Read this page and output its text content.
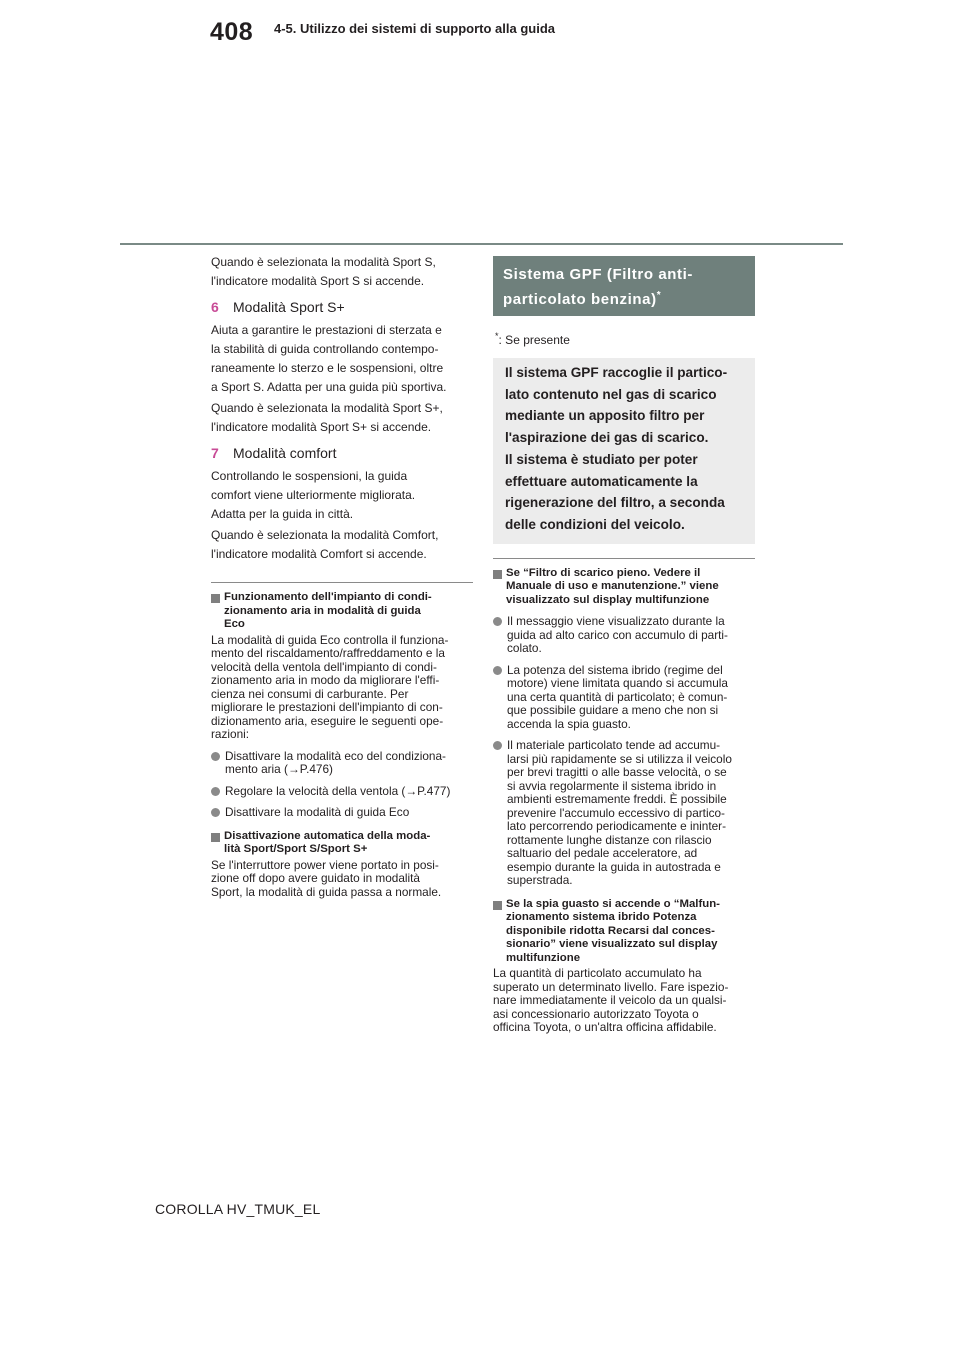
408 4-5. Utilizzo dei sistemi di supporto alla guida

Quando è selezionata la modalità Sport S,
l'indicatore modalità Sport S si accende.

6	Modalità Sport S+

Aiuta a garantire le prestazioni di sterzata e
la stabilità di guida controllando contempo-
raneamente lo sterzo e le sospensioni, oltre
a Sport S. Adatta per una guida più sportiva.

Quando è selezionata la modalità Sport S+,
l'indicatore modalità Sport S+ si accende.

7	Modalità comfort

Controllando le sospensioni, la guida
comfort viene ulteriormente migliorata.
Adatta per la guida in città.

Quando è selezionata la modalità Comfort,
l'indicatore modalità Comfort si accende.

Funzionamento dell'impianto di condi-
zionamento aria in modalità di guida
Eco

La modalità di guida Eco controlla il funziona-
mento del riscaldamento/raffreddamento e la
velocità della ventola dell'impianto di condi-
zionamento aria in modo da migliorare l'effi-
cienza nei consumi di carburante. Per
migliorare le prestazioni dell'impianto di con-
dizionamento aria, eseguire le seguenti ope-
razioni:

Disattivare la modalità eco del condiziona-
mento aria (→P.476)
Regolare la velocità della ventola (→P.477)
Disattivare la modalità di guida Eco
Disattivazione automatica della moda-
lità Sport/Sport S/Sport S+

Se l'interruttore power viene portato in posi-
zione off dopo avere guidato in modalità
Sport, la modalità di guida passa a normale.

Sistema GPF (Filtro anti-
particolato benzina)*
*: Se presente

Il sistema GPF raccoglie il partico-

lato contenuto nel gas di scarico

mediante un apposito filtro per

l'aspirazione dei gas di scarico.

Il sistema è studiato per poter

effettuare automaticamente la

rigenerazione del filtro, a seconda

delle condizioni del veicolo.

Se “Filtro di scarico pieno. Vedere il
Manuale di uso e manutenzione.” viene
visualizzato sul display multifunzione
Il messaggio viene visualizzato durante la
guida ad alto carico con accumulo di parti-
colato.
La potenza del sistema ibrido (regime del
motore) viene limitata quando si accumula
una certa quantità di particolato; è comun-
que possibile guidare a meno che non si
accenda la spia guasto.
Il materiale particolato tende ad accumu-
larsi più rapidamente se si utilizza il veicolo
per brevi tragitti o alle basse velocità, o se
si avvia regolarmente il sistema ibrido in
ambienti estremamente freddi. È possibile
prevenire l'accumulo eccessivo di partico-
lato percorrendo periodicamente e ininter-
rottamente lunghe distanze con rilascio
saltuario del pedale acceleratore, ad
esempio durante la guida in autostrada e
superstrada.
Se la spia guasto si accende o “Malfun-
zionamento sistema ibrido Potenza
disponibile ridotta Recarsi dal conces-
sionario” viene visualizzato sul display
multifunzione

La quantità di particolato accumulato ha
superato un determinato livello. Fare ispezio-
nare immediatamente il veicolo da un qualsi-
asi concessionario autorizzato Toyota o
officina Toyota, o un'altra officina affidabile.

COROLLA HV_TMUK_EL
